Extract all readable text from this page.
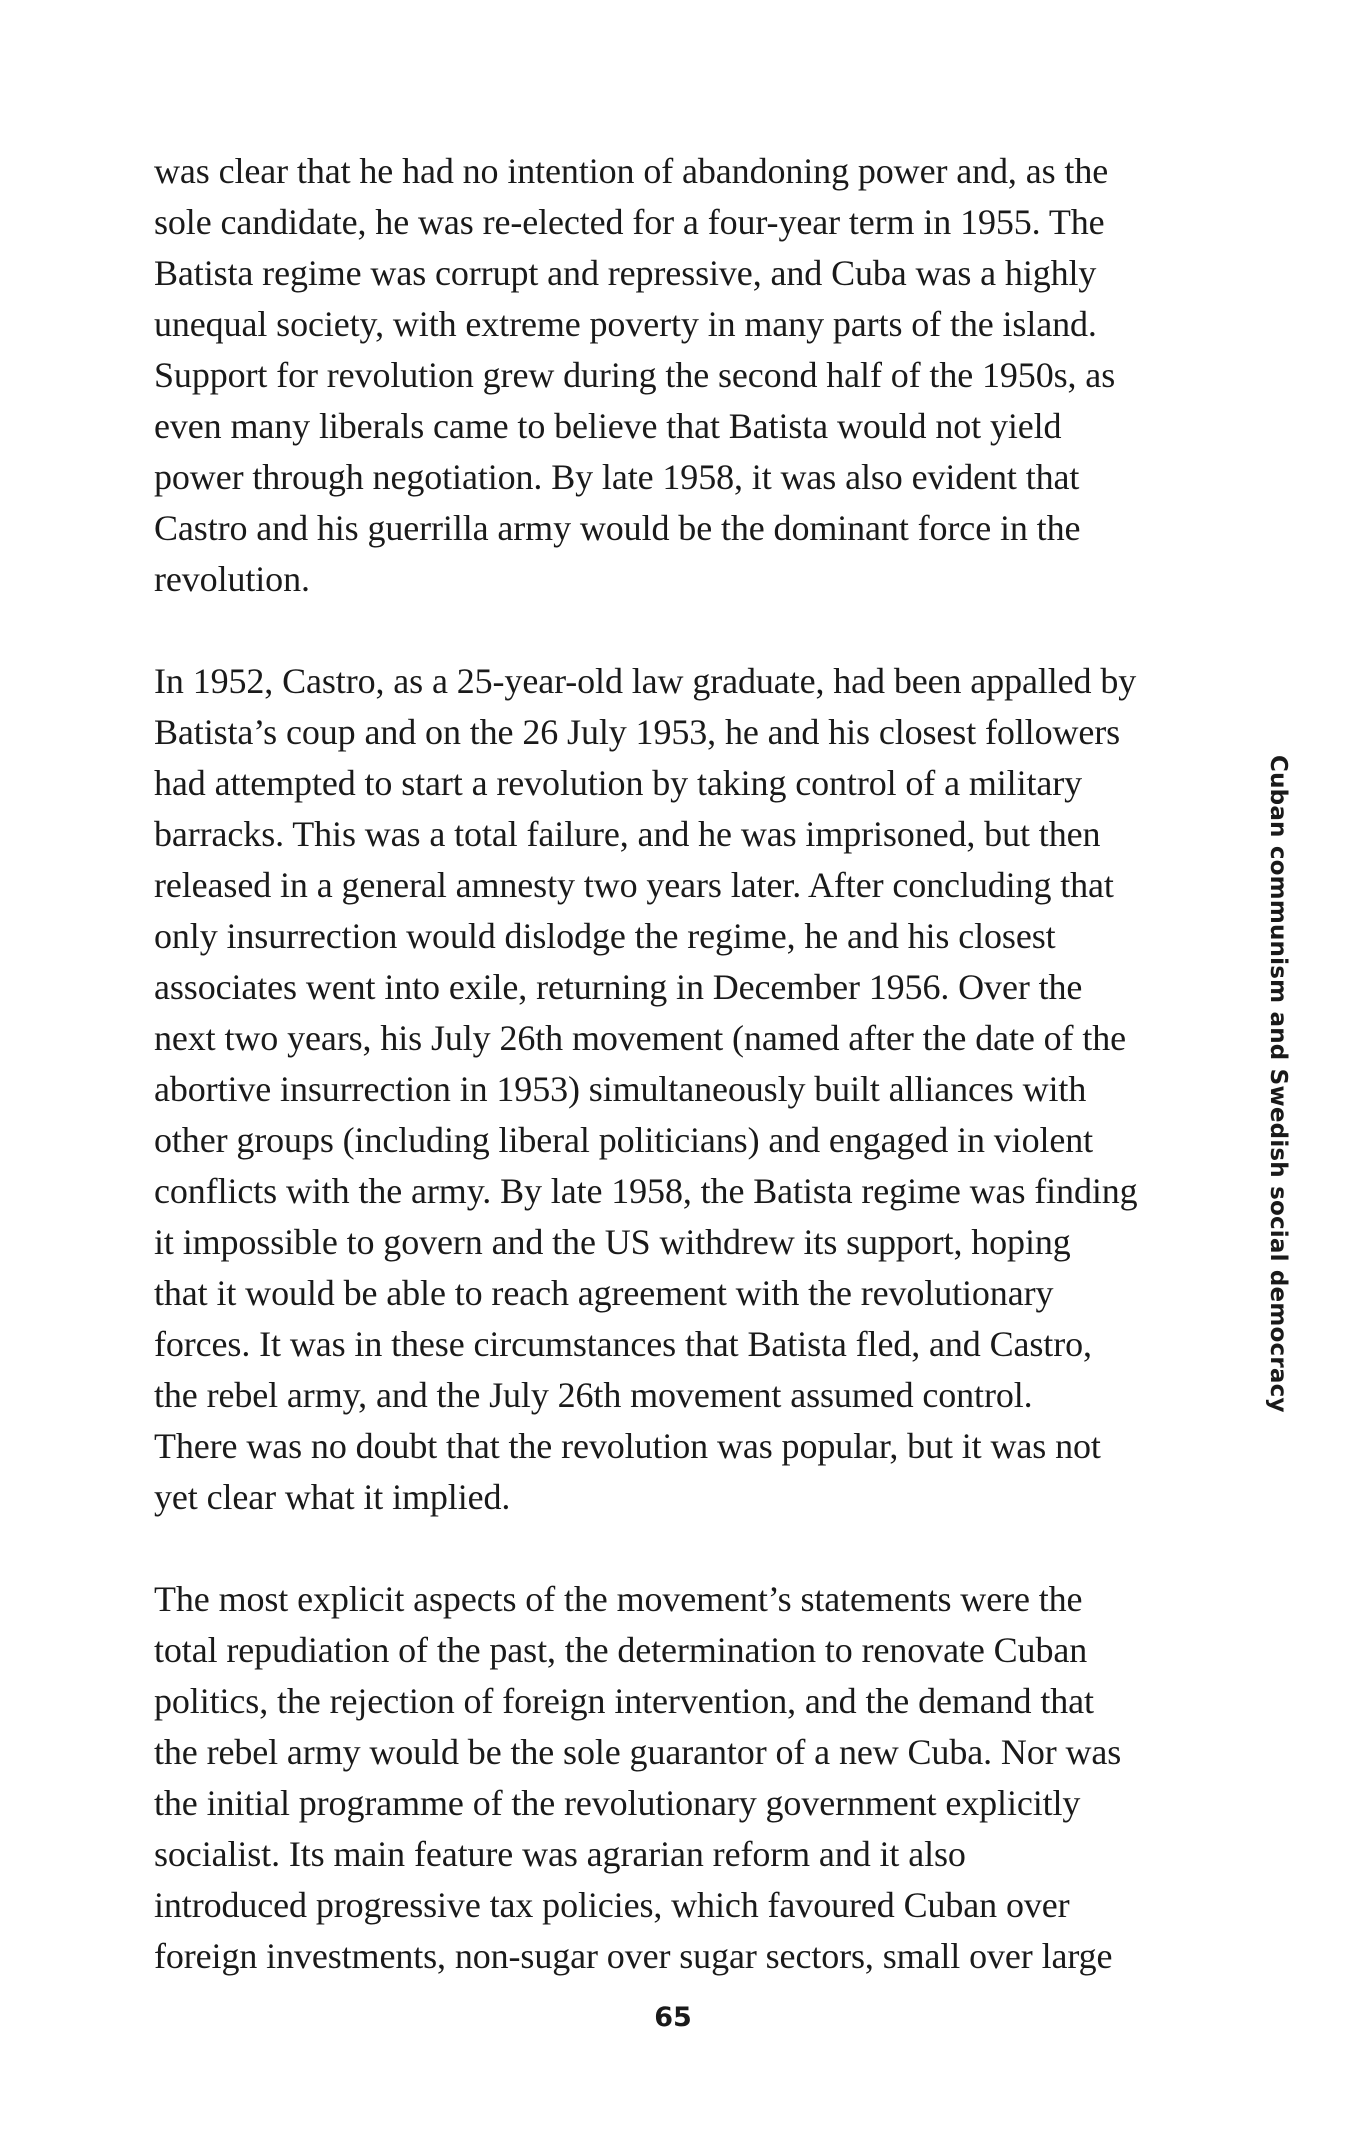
was clear that he had no intention of abandoning power and, as the
sole candidate, he was re-elected for a four-year term in 1955. The
Batista regime was corrupt and repressive, and Cuba was a highly
unequal society, with extreme poverty in many parts of the island.
Support for revolution grew during the second half of the 1950s, as
even many liberals came to believe that Batista would not yield
power through negotiation. By late 1958, it was also evident that
Castro and his guerrilla army would be the dominant force in the
revolution.

In 1952, Castro, as a 25-year-old law graduate, had been appalled by
Batista’s coup and on the 26 July 1953, he and his closest followers
had attempted to start a revolution by taking control of a military
barracks. This was a total failure, and he was imprisoned, but then
released in a general amnesty two years later. After concluding that
only insurrection would dislodge the regime, he and his closest
associates went into exile, returning in December 1956. Over the
next two years, his July 26th movement (named after the date of the
abortive insurrection in 1953) simultaneously built alliances with
other groups (including liberal politicians) and engaged in violent
conflicts with the army. By late 1958, the Batista regime was finding
it impossible to govern and the US withdrew its support, hoping
that it would be able to reach agreement with the revolutionary
forces. It was in these circumstances that Batista fled, and Castro,
the rebel army, and the July 26th movement assumed control.
There was no doubt that the revolution was popular, but it was not
yet clear what it implied.

The most explicit aspects of the movement’s statements were the
total repudiation of the past, the determination to renovate Cuban
politics, the rejection of foreign intervention, and the demand that
the rebel army would be the sole guarantor of a new Cuba. Nor was
the initial programme of the revolutionary government explicitly
socialist. Its main feature was agrarian reform and it also
introduced progressive tax policies, which favoured Cuban over
foreign investments, non-sugar over sugar sectors, small over large

Cuban communism and Swedish social democracy
65
